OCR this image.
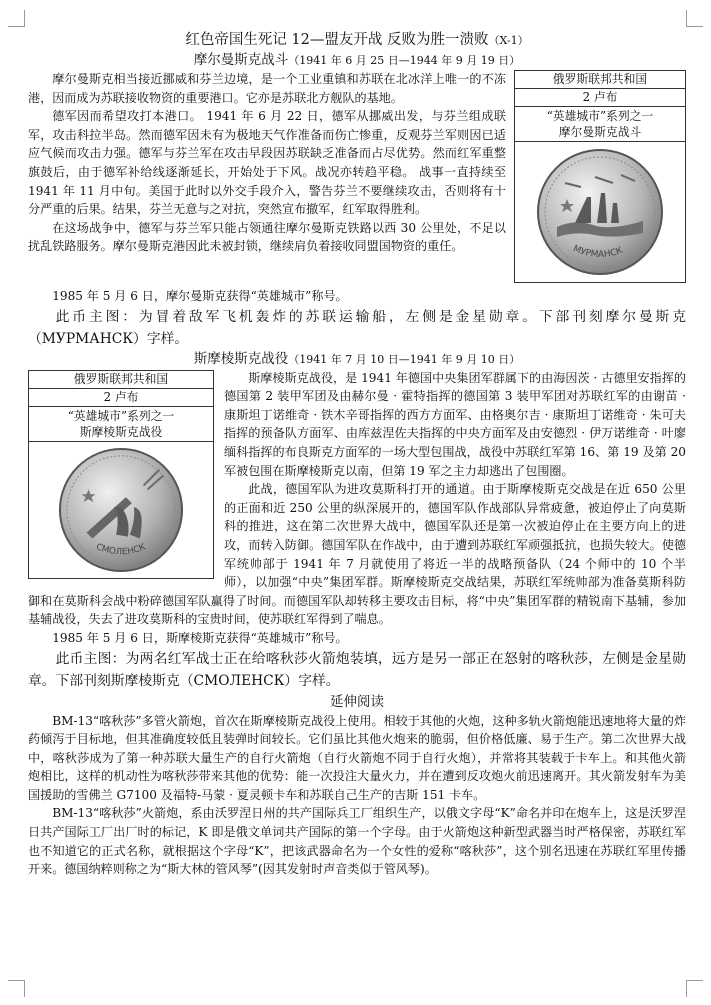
红色帝国生死记 12—盟友开战 反败为胜一溃败（X-1）
摩尔曼斯克战斗（1941 年 6 月 25 日—1944 年 9 月 19 日）
俄罗斯联邦共和国
2 卢布
“英雄城市”系列之一
摩尔曼斯克战斗
МУРМАНСК

摩尔曼斯克相当接近挪威和芬兰边境，是一个工业重镇和苏联在北冰洋上唯一的不冻港，因而成为苏联接收物资的重要港口。它亦是苏联北方舰队的基地。

德军因而希望攻打本港口。 1941 年 6 月 22 日，德军从挪威出发，与芬兰组成联军，攻击科拉半岛。然而德军因未有为极地天气作准备而伤亡惨重，反观芬兰军则因已适应气候而攻击力强。德军与芬兰军在攻击早段因苏联缺乏准备而占尽优势。然而红军重整旗鼓后，由于德军补给线逐渐延长，开始处于下风。战况亦转趋平稳。 战事一直持续至 1941 年 11 月中旬。美国于此时以外交手段介入，警告芬兰不要继续攻击，否则将有十分严重的后果。结果，芬兰无意与之对抗，突然宣布撤军，红军取得胜利。

在这场战争中，德军与芬兰军只能占领通往摩尔曼斯克铁路以西 30 公里处，不足以扰乱铁路服务。摩尔曼斯克港因此未被封锁，继续肩负着接收同盟国物资的重任。

1985 年 5 月 6 日，摩尔曼斯克获得“英雄城市”称号。

此币主图：为冒着敌军飞机轰炸的苏联运输船，左侧是金星勋章。下部刊刻摩尔曼斯克（МУРМАНСК）字样。

斯摩棱斯克战役（1941 年 7 月 10 日—1941 年 9 月 10 日）
俄罗斯联邦共和国
2 卢布
“英雄城市”系列之一
斯摩棱斯克战役
СМОЛЕНСК

斯摩棱斯克战役，是 1941 年德国中央集团军群属下的由海因茨 · 古德里安指挥的德国第 2 装甲军团及由赫尔曼 · 霍特指挥的德国第 3 装甲军团对苏联红军的由谢苗 · 康斯坦丁诺维奇 · 铁木辛哥指挥的西方方面军、由格奥尔吉 · 康斯坦丁诺维奇 · 朱可夫指挥的预备队方面军、由库兹涅佐夫指挥的中央方面军及由安德烈 · 伊万诺维奇 · 叶廖缅科指挥的布良斯克方面军的一场大型包围战，战役中苏联红军第 16、第 19 及第 20 军被包围在斯摩棱斯克以南，但第 19 军之主力却逃出了包围圈。

此战，德国军队为进攻莫斯科打开的通道。由于斯摩棱斯克交战是在近 650 公里的正面和近 250 公里的纵深展开的，德国军队作战部队异常疲惫，被迫停止了向莫斯科的推进，这在第二次世界大战中，德国军队还是第一次被迫停止在主要方向上的进攻，而转入防御。德国军队在作战中，由于遭到苏联红军顽强抵抗，也损失较大。使德军统帅部于 1941 年 7 月就使用了将近一半的战略预备队（24 个师中的 10 个半师），以加强“中央”集团军群。斯摩棱斯克交战结果，苏联红军统帅部为准备莫斯科防御和在莫斯科会战中粉碎德国军队赢得了时间。而德国军队却转移主要攻击目标，将“中央”集团军群的精锐南下基辅，参加基辅战役，失去了进攻莫斯科的宝贵时间，使苏联红军得到了喘息。

1985 年 5 月 6 日，斯摩棱斯克获得“英雄城市”称号。

此币主图：为两名红军战士正在给喀秋莎火箭炮装填，远方是另一部正在怒射的喀秋莎，左侧是金星勋章。下部刊刻斯摩棱斯克（СМОЛЕНСК）字样。

延伸阅读

BM-13“喀秋莎”多管火箭炮，首次在斯摩棱斯克战役上使用。相较于其他的火炮，这种多轨火箭炮能迅速地将大量的炸药倾泻于目标地，但其准确度较低且装弹时间较长。它们虽比其他火炮来的脆弱，但价格低廉、易于生产。第二次世界大战中，喀秋莎成为了第一种苏联大量生产的自行火箭炮（自行火箭炮不同于自行火炮），并常将其装载于卡车上。和其他火箭炮相比，这样的机动性为喀秋莎带来其他的优势：能一次投注大量火力，并在遭到反攻炮火前迅速离开。其火箭发射车为美国援助的雪佛兰 G7100 及福特-马蒙 · 夏灵顿卡车和苏联自己生产的吉斯 151 卡车。

BM-13“喀秋莎”火箭炮，系由沃罗涅日州的共产国际兵工厂组织生产，以俄文字母“K”命名并印在炮车上，这是沃罗涅日共产国际工厂出厂时的标记，K 即是俄文单词共产国际的第一个字母。由于火箭炮这种新型武器当时严格保密，苏联红军也不知道它的正式名称，就根据这个字母“K”，把该武器命名为一个女性的爱称“喀秋莎”，这个别名迅速在苏联红军里传播开来。德国纳粹则称之为“斯大林的管风琴”(因其发射时声音类似于管风琴)。
